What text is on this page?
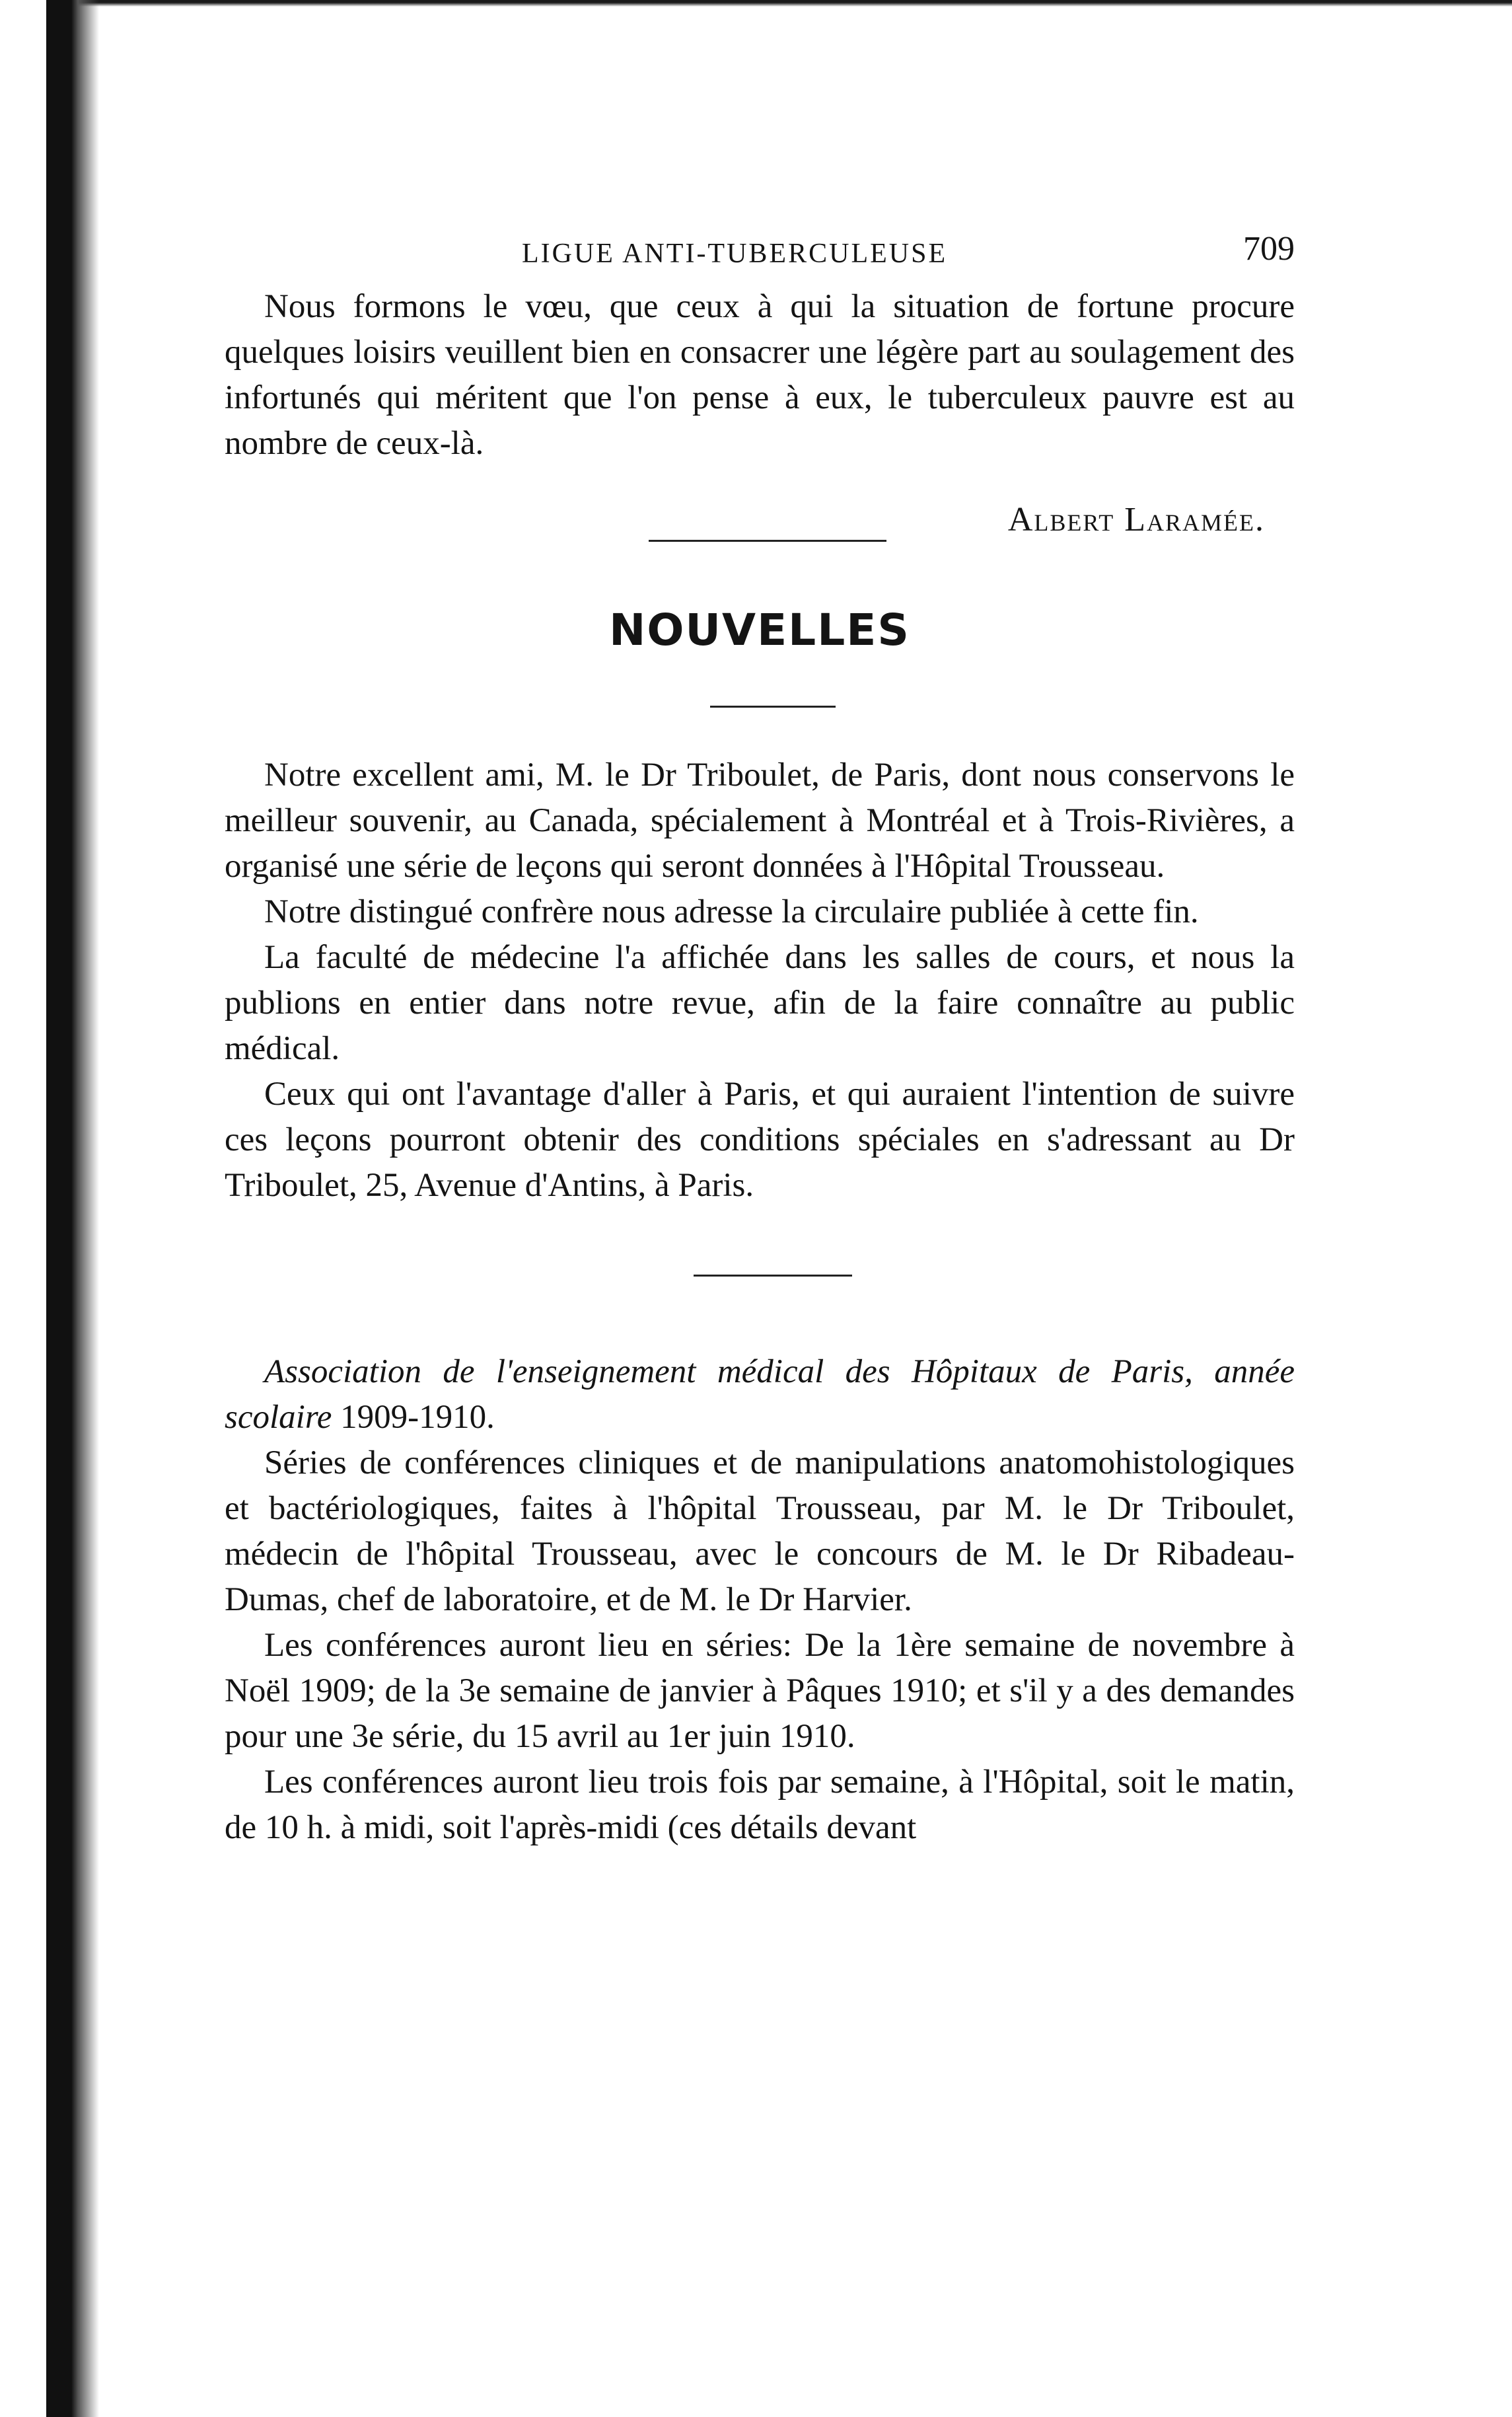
LIGUE ANTI-TUBERCULEUSE	709

Nous formons le vœu, que ceux à qui la situation de fortune procure quelques loisirs veuillent bien en consacrer une légère part au soulagement des infortunés qui méritent que l'on pense à eux, le tuberculeux pauvre est au nombre de ceux-là.

Albert Laramée.
NOUVELLES

Notre excellent ami, M. le Dr Triboulet, de Paris, dont nous conservons le meilleur souvenir, au Canada, spécialement à Montréal et à Trois-Rivières, a organisé une série de leçons qui seront données à l'Hôpital Trousseau.

Notre distingué confrère nous adresse la circulaire publiée à cette fin.

La faculté de médecine l'a affichée dans les salles de cours, et nous la publions en entier dans notre revue, afin de la faire connaître au public médical.

Ceux qui ont l'avantage d'aller à Paris, et qui auraient l'intention de suivre ces leçons pourront obtenir des conditions spéciales en s'adressant au Dr Triboulet, 25, Avenue d'Antins, à Paris.

Association de l'enseignement médical des Hôpitaux de Paris, année scolaire 1909-1910.

Séries de conférences cliniques et de manipulations anatomohistologiques et bactériologiques, faites à l'hôpital Trousseau, par M. le Dr Triboulet, médecin de l'hôpital Trousseau, avec le concours de M. le Dr Ribadeau-Dumas, chef de laboratoire, et de M. le Dr Harvier.

Les conférences auront lieu en séries: De la 1ère semaine de novembre à Noël 1909; de la 3e semaine de janvier à Pâques 1910; et s'il y a des demandes pour une 3e série, du 15 avril au 1er juin 1910.

Les conférences auront lieu trois fois par semaine, à l'Hôpital, soit le matin, de 10 h. à midi, soit l'après-midi (ces détails devant
